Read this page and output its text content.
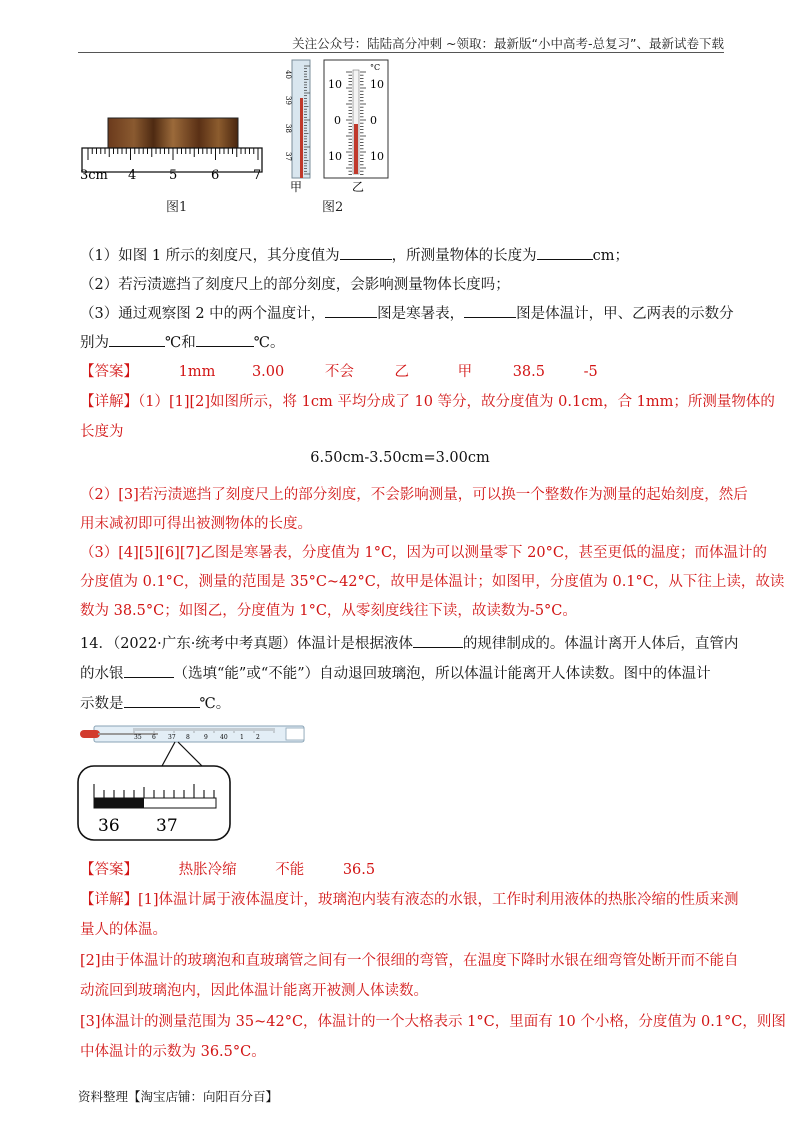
关注公众号：陆陆高分冲刺 ~领取：最新版“小中高考-总复习”、最新试卷下载
3cm 4	5	6	7
图1
40
39
38
37
甲
°C
10
0
10
10
0
10
乙
图2
（1）如图 1 所示的刻度尺，其分度值为	，所测量物体的长度为	cm；
（2）若污渍遮挡了刻度尺上的部分刻度，会影响测量物体长度吗；
（3）通过观察图 2 中的两个温度计，	图是寒暑表，	图是体温计，甲、乙两表的示数分
别为	℃和	℃。
【答案】	1mm	3.00	不会	乙	甲	38.5	-5
【详解】（1）[1][2]如图所示，将 1cm 平均分成了 10 等分，故分度值为 0.1cm，合 1mm；所测量物体的
长度为
6.50cm-3.50cm=3.00cm
（2）[3]若污渍遮挡了刻度尺上的部分刻度，不会影响测量，可以换一个整数作为测量的起始刻度，然后
用末减初即可得出被测物体的长度。
（3）[4][5][6][7]乙图是寒暑表，分度值为 1°C，因为可以测量零下 20°C，甚至更低的温度；而体温计的
分度值为 0.1°C，测量的范围是 35°C~42°C，故甲是体温计；如图甲，分度值为 0.1°C，从下往上读，故读
数为 38.5°C；如图乙，分度值为 1°C，从零刻度线往下读，故读数为-5°C。
14．（2022·广东·统考中考真题）体温计是根据液体	的规律制成的。体温计离开人体后，直管内
的水银	（选填“能”或“不能”）自动退回玻璃泡，所以体温计能离开人体读数。图中的体温计
示数是	℃。
35 6 37 8 9 40 1 2
36 37
【答案】	热胀冷缩	不能	36.5
【详解】[1]体温计属于液体温度计，玻璃泡内装有液态的水银，工作时利用液体的热胀冷缩的性质来测
量人的体温。
[2]由于体温计的玻璃泡和直玻璃管之间有一个很细的弯管，在温度下降时水银在细弯管处断开而不能自
动流回到玻璃泡内，因此体温计能离开被测人体读数。
[3]体温计的测量范围为 35~42°C，体温计的一个大格表示 1°C，里面有 10 个小格，分度值为 0.1°C，则图
中体温计的示数为 36.5°C。
资料整理【淘宝店铺：向阳百分百】
